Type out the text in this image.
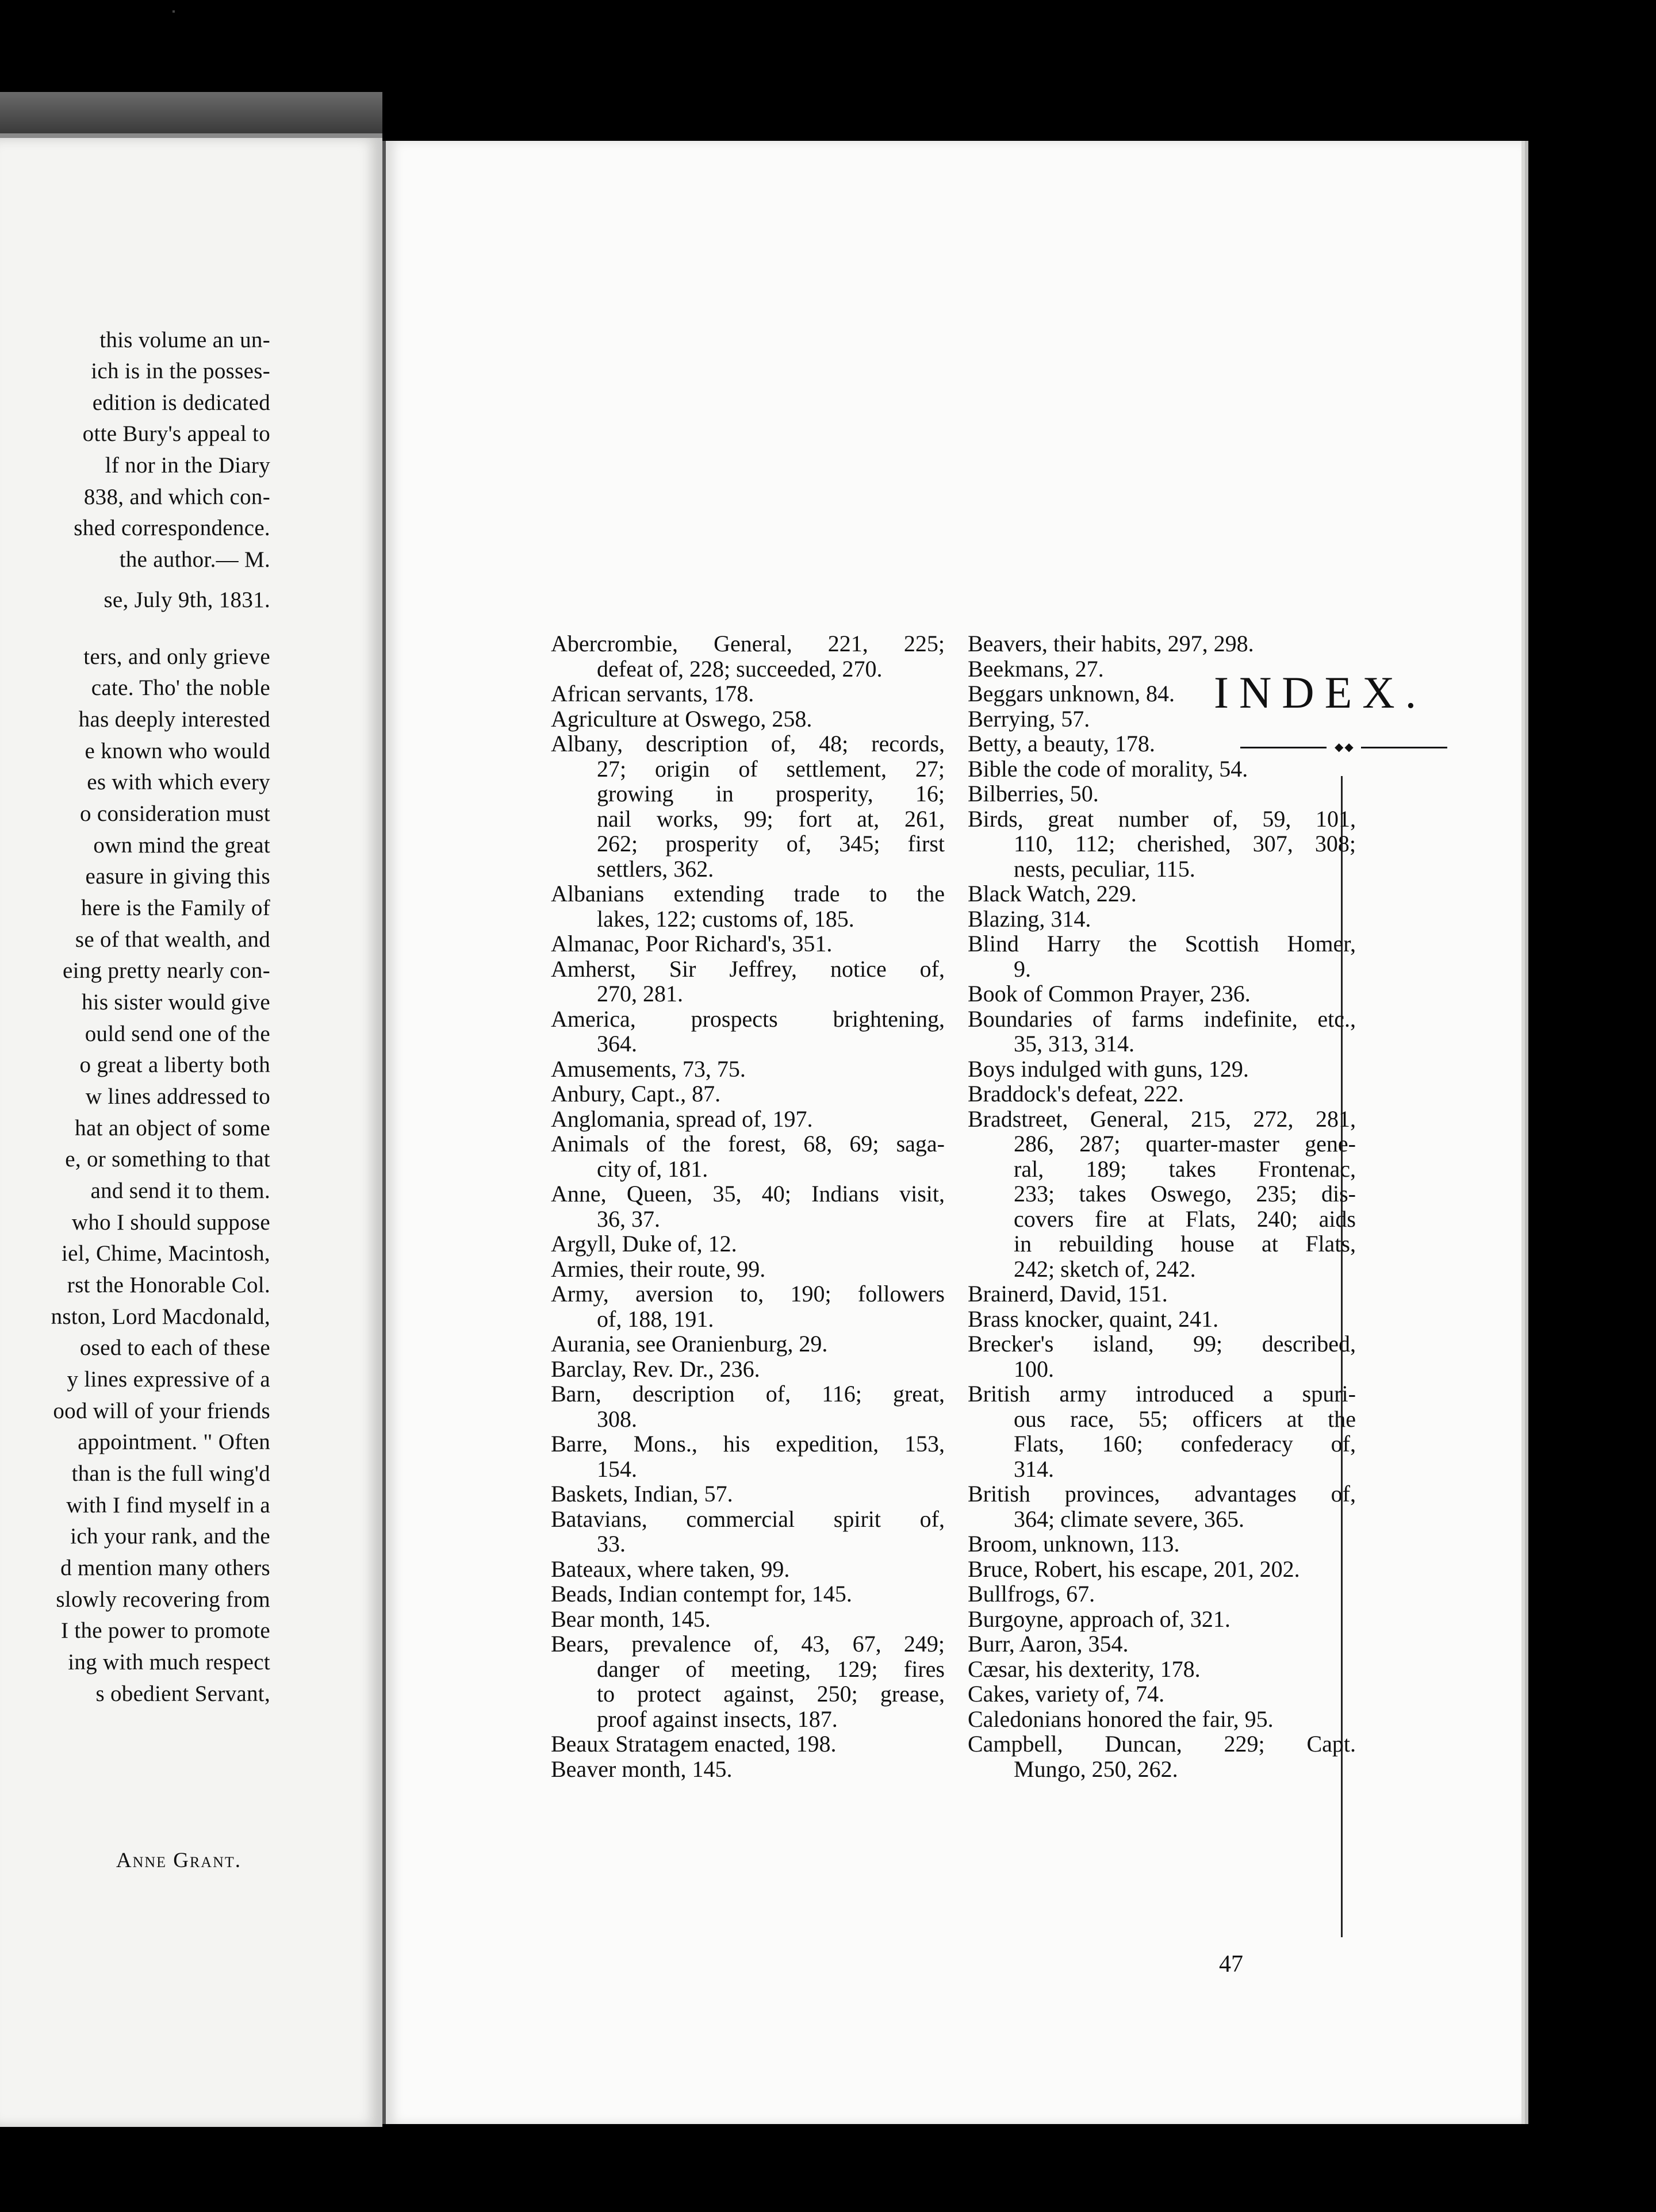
this volume an un-
ich is in the posses-
edition is dedicated
otte Bury's appeal to
lf nor in the Diary
838, and which con-
shed correspondence.
the author.— M.
se, July 9th, 1831.
ters, and only grieve
cate. Tho' the noble
has deeply interested
e known who would
es with which every
o consideration must
own mind the great
easure in giving this
here is the Family of
se of that wealth, and
eing pretty nearly con-
his sister would give
ould send one of the
o great a liberty both
w lines addressed to
hat an object of some
e, or something to that
and send it to them.
who I should suppose
iel, Chime, Macintosh,
rst the Honorable Col.
nston, Lord Macdonald,
osed to each of these
y lines expressive of a
ood will of your friends
appointment. " Often
than is the full wing'd
with I find myself in a
ich your rank, and the
d mention many others
slowly recovering from
I the power to promote
ing with much respect
s obedient Servant,
Anne Grant.
INDEX.
◆◆
47
Abercrombie, General, 221, 225;
defeat of, 228; succeeded, 270.
African servants, 178.
Agriculture at Oswego, 258.
Albany, description of, 48; records,
27; origin of settlement, 27;
growing in prosperity, 16;
nail works, 99; fort at, 261,
262; prosperity of, 345; first
settlers, 362.
Albanians extending trade to the
lakes, 122; customs of, 185.
Almanac, Poor Richard's, 351.
Amherst, Sir Jeffrey, notice of,
270, 281.
America, prospects brightening,
364.
Amusements, 73, 75.
Anbury, Capt., 87.
Anglomania, spread of, 197.
Animals of the forest, 68, 69; saga-
city of, 181.
Anne, Queen, 35, 40; Indians visit,
36, 37.
Argyll, Duke of, 12.
Armies, their route, 99.
Army, aversion to, 190; followers
of, 188, 191.
Aurania, see Oranienburg, 29.
Barclay, Rev. Dr., 236.
Barn, description of, 116; great,
308.
Barre, Mons., his expedition, 153,
154.
Baskets, Indian, 57.
Batavians, commercial spirit of,
33.
Bateaux, where taken, 99.
Beads, Indian contempt for, 145.
Bear month, 145.
Bears, prevalence of, 43, 67, 249;
danger of meeting, 129; fires
to protect against, 250; grease,
proof against insects, 187.
Beaux Stratagem enacted, 198.
Beaver month, 145.
Beavers, their habits, 297, 298.
Beekmans, 27.
Beggars unknown, 84.
Berrying, 57.
Betty, a beauty, 178.
Bible the code of morality, 54.
Bilberries, 50.
Birds, great number of, 59, 101,
110, 112; cherished, 307, 308;
nests, peculiar, 115.
Black Watch, 229.
Blazing, 314.
Blind Harry the Scottish Homer,
9.
Book of Common Prayer, 236.
Boundaries of farms indefinite, etc.,
35, 313, 314.
Boys indulged with guns, 129.
Braddock's defeat, 222.
Bradstreet, General, 215, 272, 281,
286, 287; quarter-master gene-
ral, 189; takes Frontenac,
233; takes Oswego, 235; dis-
covers fire at Flats, 240; aids
in rebuilding house at Flats,
242; sketch of, 242.
Brainerd, David, 151.
Brass knocker, quaint, 241.
Brecker's island, 99; described,
100.
British army introduced a spuri-
ous race, 55; officers at the
Flats, 160; confederacy of,
314.
British provinces, advantages of,
364; climate severe, 365.
Broom, unknown, 113.
Bruce, Robert, his escape, 201, 202.
Bullfrogs, 67.
Burgoyne, approach of, 321.
Burr, Aaron, 354.
Cæsar, his dexterity, 178.
Cakes, variety of, 74.
Caledonians honored the fair, 95.
Campbell, Duncan, 229; Capt.
Mungo, 250, 262.
